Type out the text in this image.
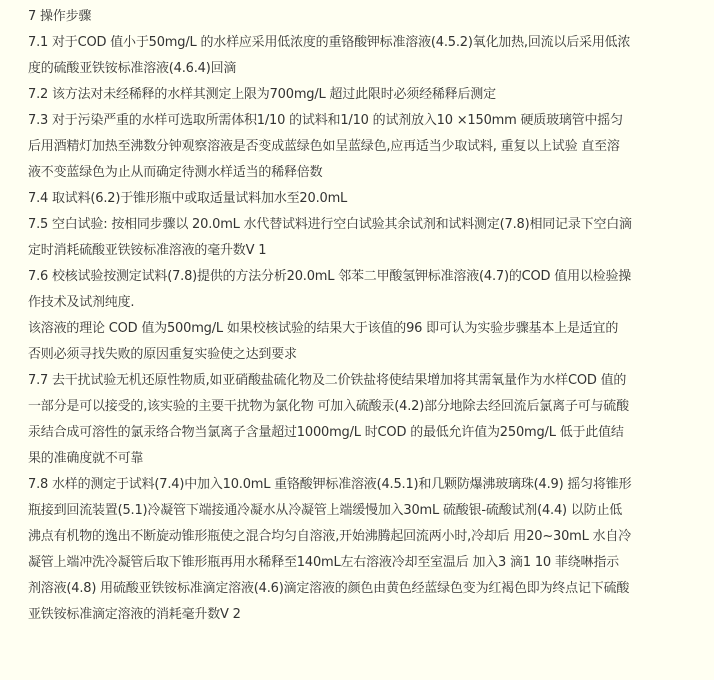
7 操作步骤
7.1 对于COD 值小于50mg/L 的水样应采用低浓度的重铬酸钾标准溶液(4.5.2)氧化加热,回流以后采用低浓
度的硫酸亚铁铵标准溶液(4.6.4)回滴
7.2 该方法对未经稀释的水样其测定上限为700mg/L 超过此限时必须经稀释后测定
7.3 对于污染严重的水样可选取所需体积1/10 的试料和1/10 的试剂放入10 ×150mm 硬质玻璃管中摇匀
后用酒精灯加热至沸数分钟观察溶液是否变成蓝绿色如呈蓝绿色,应再适当少取试料, 重复以上试验 直至溶
液不变蓝绿色为止从而确定待测水样适当的稀释倍数
7.4 取试料(6.2)于锥形瓶中或取适量试料加水至20.0mL
7.5 空白试验: 按相同步骤以 20.0mL 水代替试料进行空白试验其余试剂和试料测定(7.8)相同记录下空白滴
定时消耗硫酸亚铁铵标准溶液的毫升数V 1
7.6 校核试验按测定试料(7.8)提供的方法分析20.0mL 邻苯二甲酸氢钾标准溶液(4.7)的COD 值用以检验操
作技术及试剂纯度.
该溶液的理论 COD 值为500mg/L 如果校核试验的结果大于该值的96 即可认为实验步骤基本上是适宜的
否则必须寻找失败的原因重复实验使之达到要求
7.7 去干扰试验无机还原性物质,如亚硝酸盐硫化物及二价铁盐将使结果增加将其需氧量作为水样COD 值的
一部分是可以接受的,该实验的主要干扰物为氯化物 可加入硫酸汞(4.2)部分地除去经回流后氯离子可与硫酸
汞结合成可溶性的氯汞络合物当氯离子含量超过1000mg/L 时COD 的最低允许值为250mg/L 低于此值结
果的准确度就不可靠
7.8 水样的测定于试料(7.4)中加入10.0mL 重铬酸钾标准溶液(4.5.1)和几颗防爆沸玻璃珠(4.9) 摇匀将锥形
瓶接到回流装置(5.1)冷凝管下端接通冷凝水从冷凝管上端缓慢加入30mL 硫酸银-硫酸试剂(4.4) 以防止低
沸点有机物的逸出不断旋动锥形瓶使之混合均匀自溶液,开始沸腾起回流两小时,冷却后 用20~30mL 水自冷
凝管上端冲洗冷凝管后取下锥形瓶再用水稀释至140mL左右溶液冷却至室温后 加入3 滴1 10 菲绕啉指示
剂溶液(4.8) 用硫酸亚铁铵标准滴定溶液(4.6)滴定溶液的颜色由黄色经蓝绿色变为红褐色即为终点记下硫酸
亚铁铵标准滴定溶液的消耗毫升数V 2
